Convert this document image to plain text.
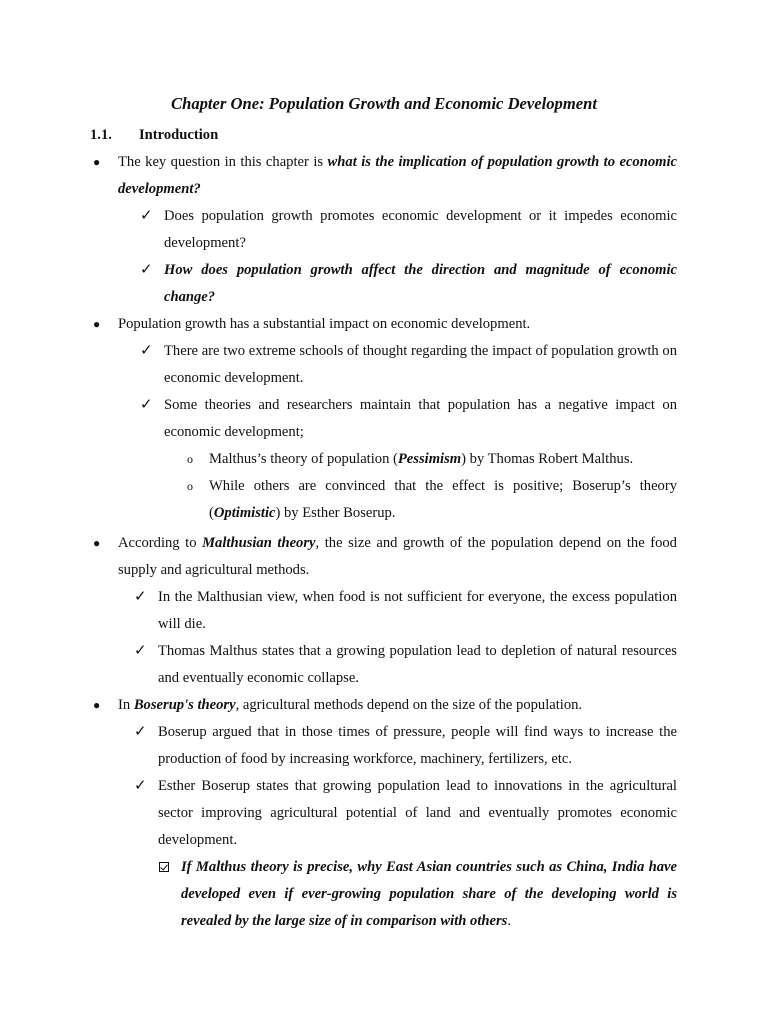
Chapter One: Population Growth and Economic Development
1.1. Introduction
● The key question in this chapter is what is the implication of population growth to economic development?
✓ Does population growth promotes economic development or it impedes economic development?
✓ How does population growth affect the direction and magnitude of economic change?
● Population growth has a substantial impact on economic development.
✓ There are two extreme schools of thought regarding the impact of population growth on economic development.
✓ Some theories and researchers maintain that population has a negative impact on economic development;
o Malthus’s theory of population (Pessimism) by Thomas Robert Malthus.
o While others are convinced that the effect is positive; Boserup’s theory (Optimistic) by Esther Boserup.
● According to Malthusian theory, the size and growth of the population depend on the food supply and agricultural methods.
✓ In the Malthusian view, when food is not sufficient for everyone, the excess population will die.
✓ Thomas Malthus states that a growing population lead to depletion of natural resources and eventually economic collapse.
● In Boserup's theory, agricultural methods depend on the size of the population.
✓ Boserup argued that in those times of pressure, people will find ways to increase the production of food by increasing workforce, machinery, fertilizers, etc.
✓ Esther Boserup states that growing population lead to innovations in the agricultural sector improving agricultural potential of land and eventually promotes economic development.
If Malthus theory is precise, why East Asian countries such as China, India have developed even if ever-growing population share of the developing world is revealed by the large size of in comparison with others.
